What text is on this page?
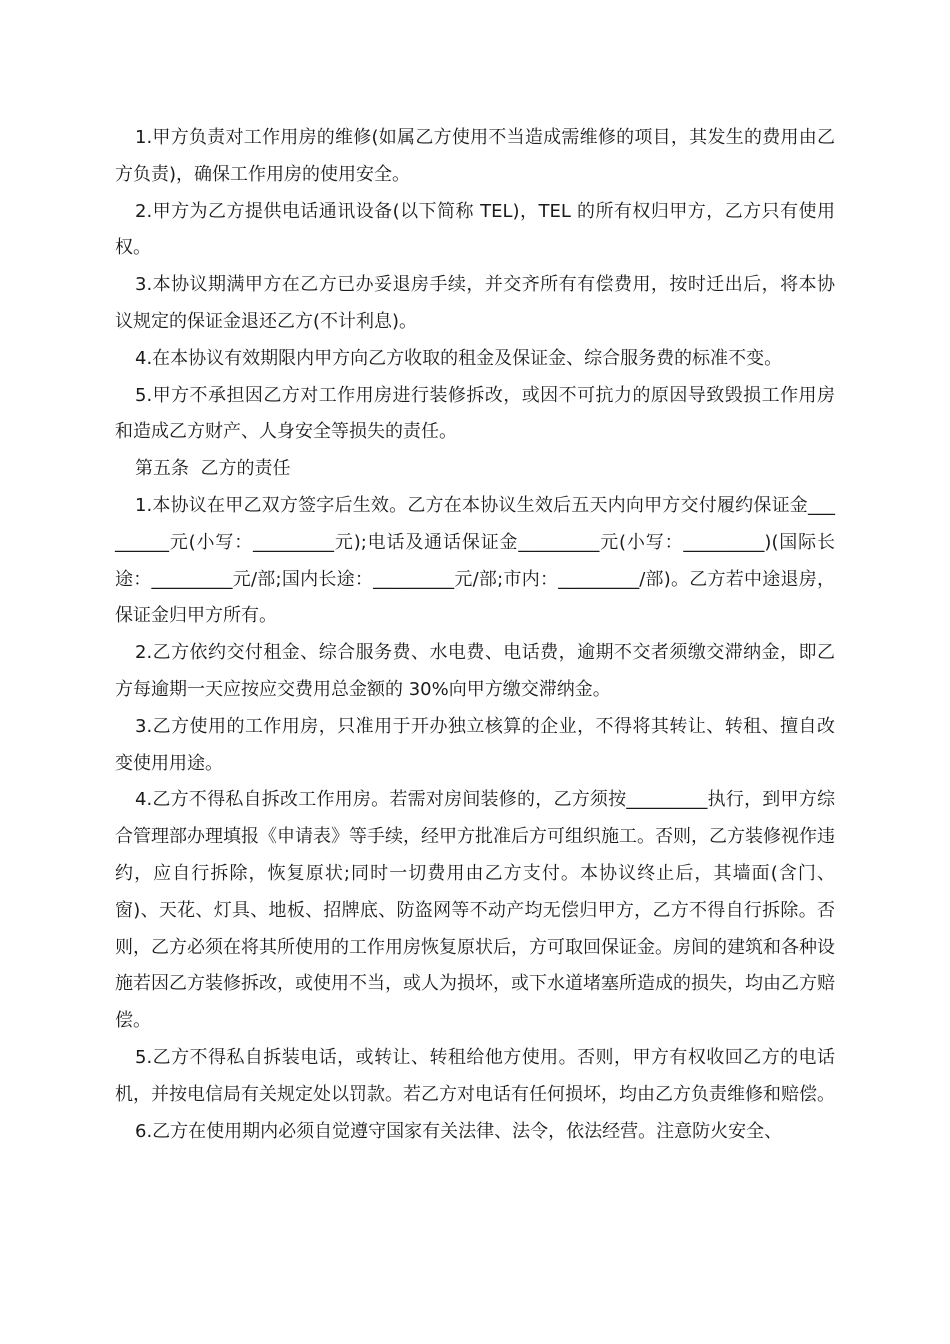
1.甲方负责对工作用房的维修(如属乙方使用不当造成需维修的项目，其发生的费用由乙方负责)，确保工作用房的使用安全。

2.甲方为乙方提供电话通讯设备(以下简称 TEL)，TEL 的所有权归甲方，乙方只有使用权。

3.本协议期满甲方在乙方已办妥退房手续，并交齐所有有偿费用，按时迁出后，将本协议规定的保证金退还乙方(不计利息)。

4.在本协议有效期限内甲方向乙方收取的租金及保证金、综合服务费的标准不变。

5.甲方不承担因乙方对工作用房进行装修拆改，或因不可抗力的原因导致毁损工作用房和造成乙方财产、人身安全等损失的责任。

第五条  乙方的责任

1.本协议在甲乙双方签字后生效。乙方在本协议生效后五天内向甲方交付履约保证金_________元(小写：_________元);电话及通话保证金_________元(小写：_________)(国际长途：_________元/部;国内长途：_________元/部;市内：_________/部)。乙方若中途退房，保证金归甲方所有。

2.乙方依约交付租金、综合服务费、水电费、电话费，逾期不交者须缴交滞纳金，即乙方每逾期一天应按应交费用总金额的 30%向甲方缴交滞纳金。

3.乙方使用的工作用房，只准用于开办独立核算的企业，不得将其转让、转租、擅自改变使用用途。

4.乙方不得私自拆改工作用房。若需对房间装修的，乙方须按_________执行，到甲方综合管理部办理填报《申请表》等手续，经甲方批准后方可组织施工。否则，乙方装修视作违约，应自行拆除，恢复原状;同时一切费用由乙方支付。本协议终止后，其墙面(含门、窗)、天花、灯具、地板、招牌底、防盗网等不动产均无偿归甲方，乙方不得自行拆除。否则，乙方必须在将其所使用的工作用房恢复原状后，方可取回保证金。房间的建筑和各种设施若因乙方装修拆改，或使用不当，或人为损坏，或下水道堵塞所造成的损失，均由乙方赔偿。

5.乙方不得私自拆装电话，或转让、转租给他方使用。否则，甲方有权收回乙方的电话机，并按电信局有关规定处以罚款。若乙方对电话有任何损坏，均由乙方负责维修和赔偿。

6.乙方在使用期内必须自觉遵守国家有关法律、法令，依法经营。注意防火安全、
